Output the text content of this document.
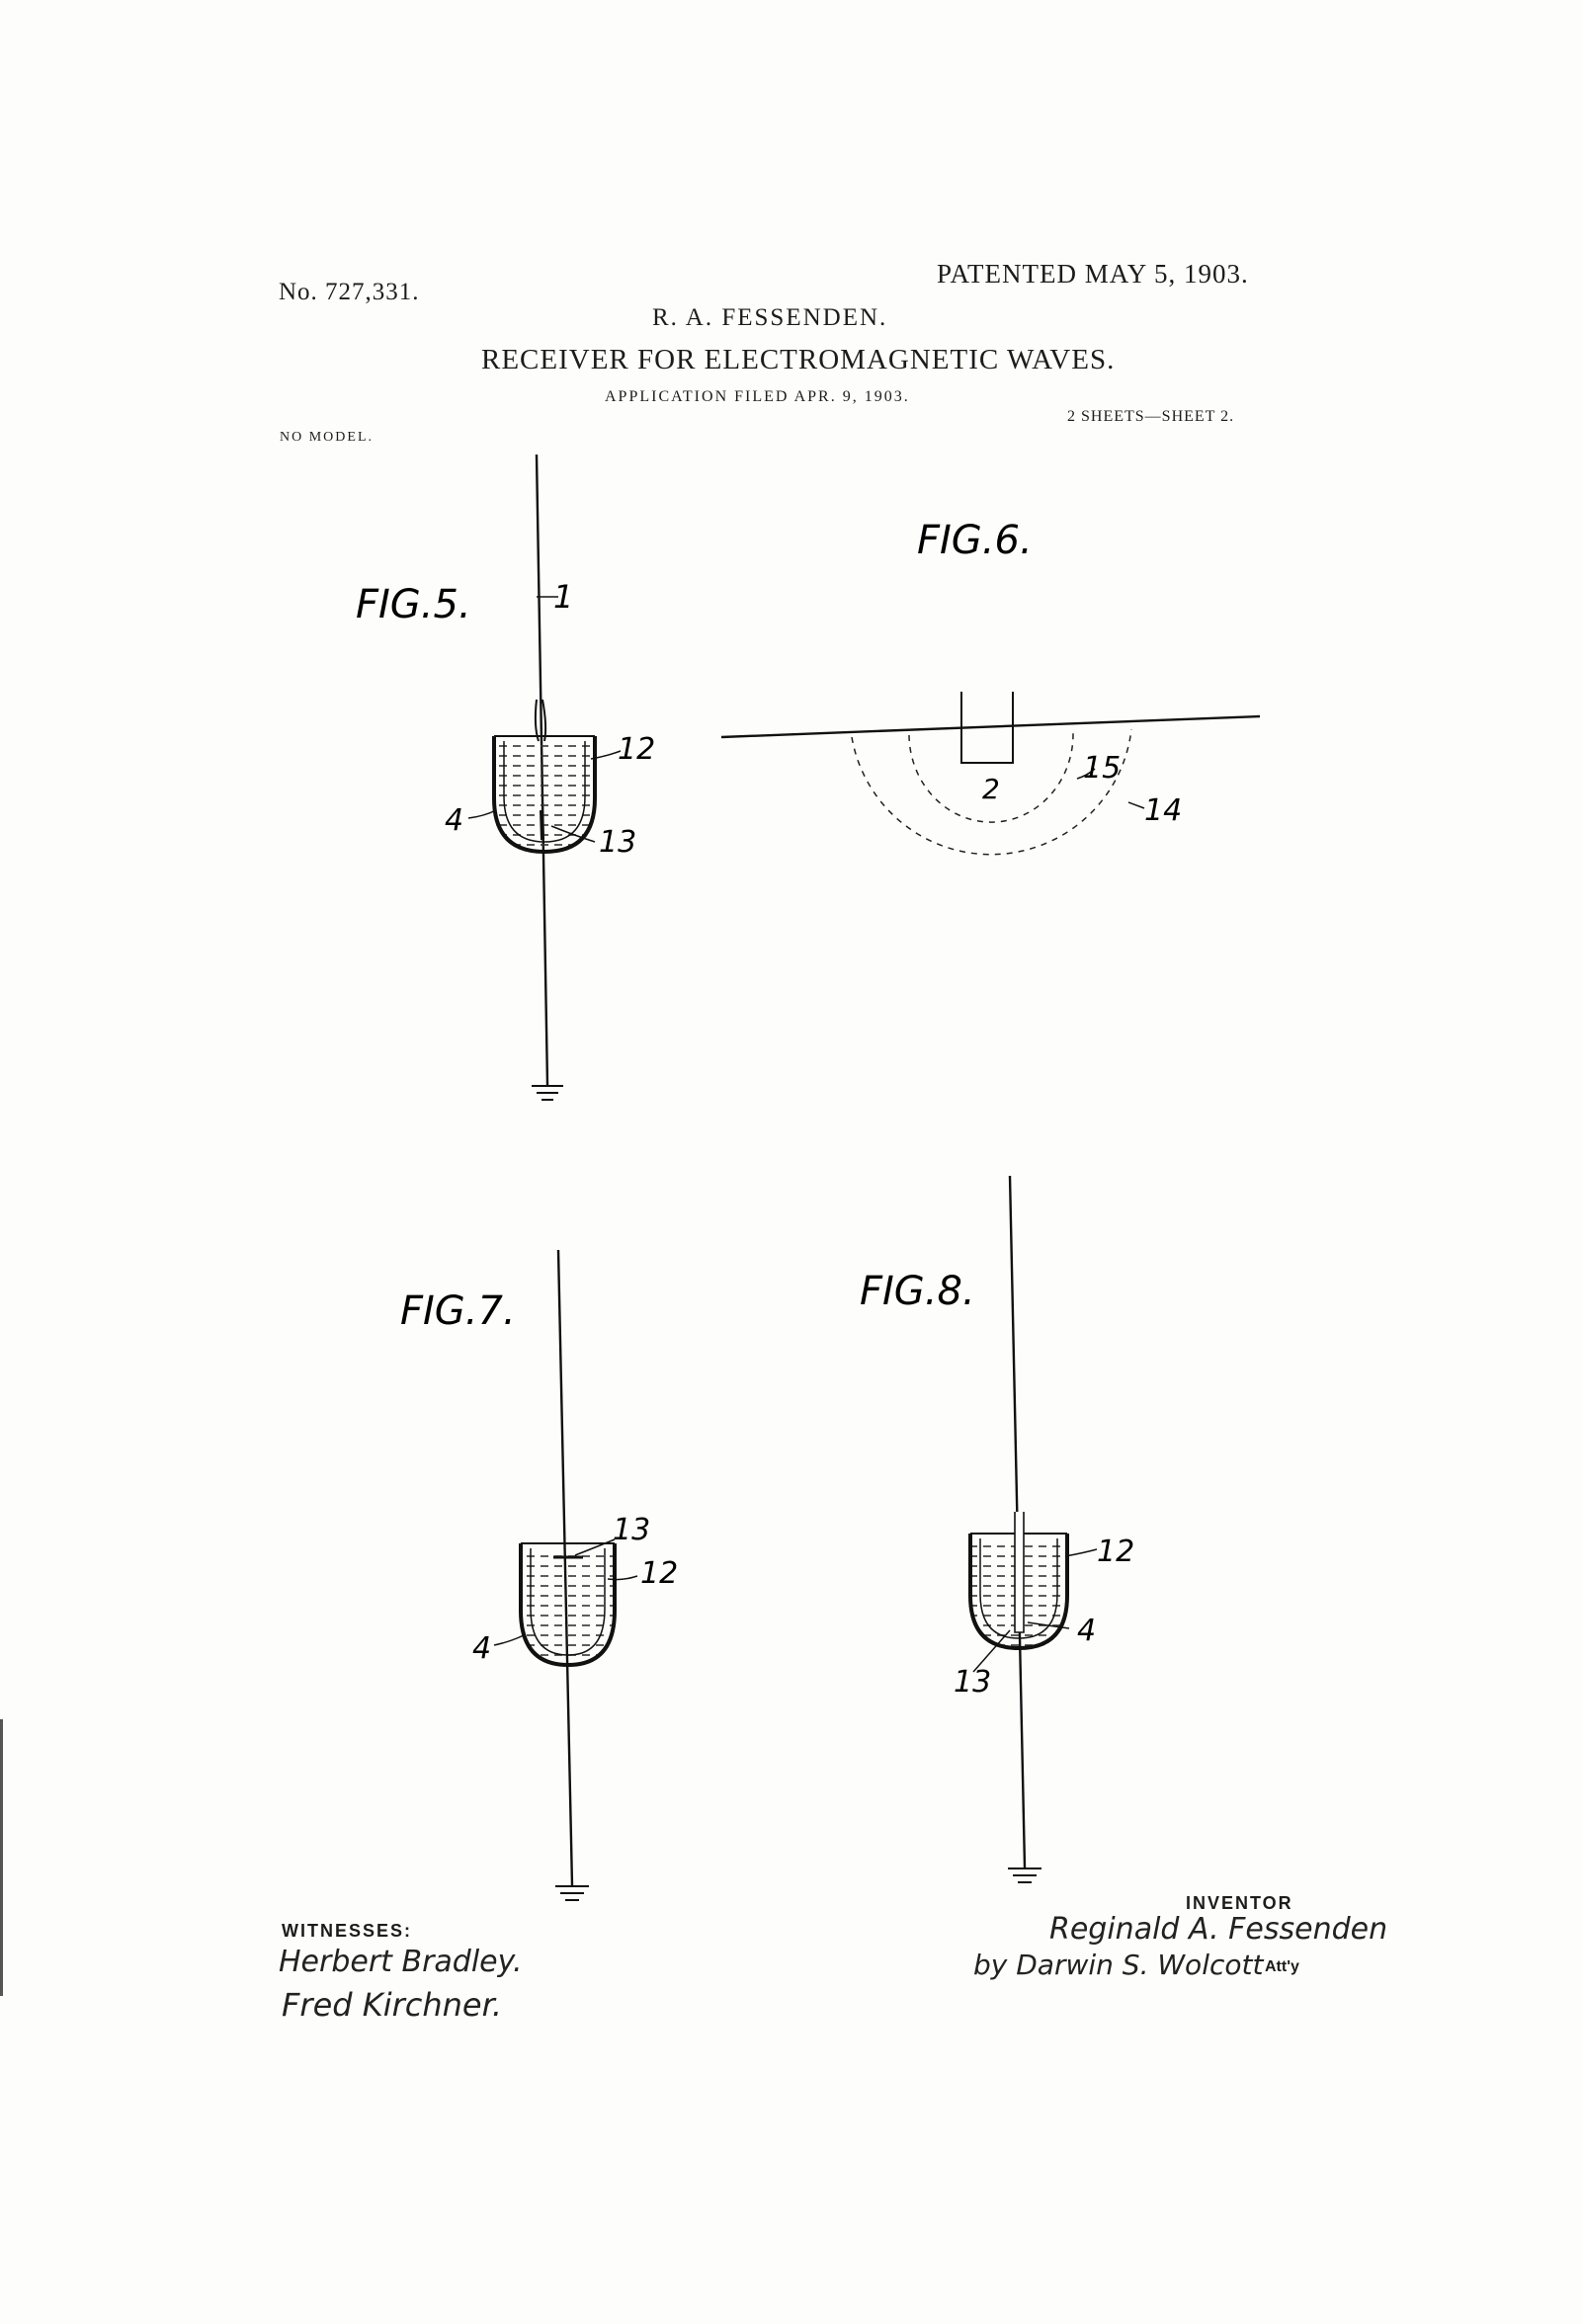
No. 727,331.

PATENTED MAY 5, 1903.

R. A. FESSENDEN.

RECEIVER FOR ELECTROMAGNETIC WAVES.

APPLICATION FILED APR. 9, 1903.

NO MODEL.

2 SHEETS—SHEET 2.

FIG.5.	1
12
4
13
FIG.6.
2
15
14
FIG.7.
13
12
4
FIG.8.
12
4
13

WITNESSES:

Herbert Bradley.

Fred Kirchner.

INVENTOR

Reginald A. Fessenden

by Darwin S. Wolcott Att'y
